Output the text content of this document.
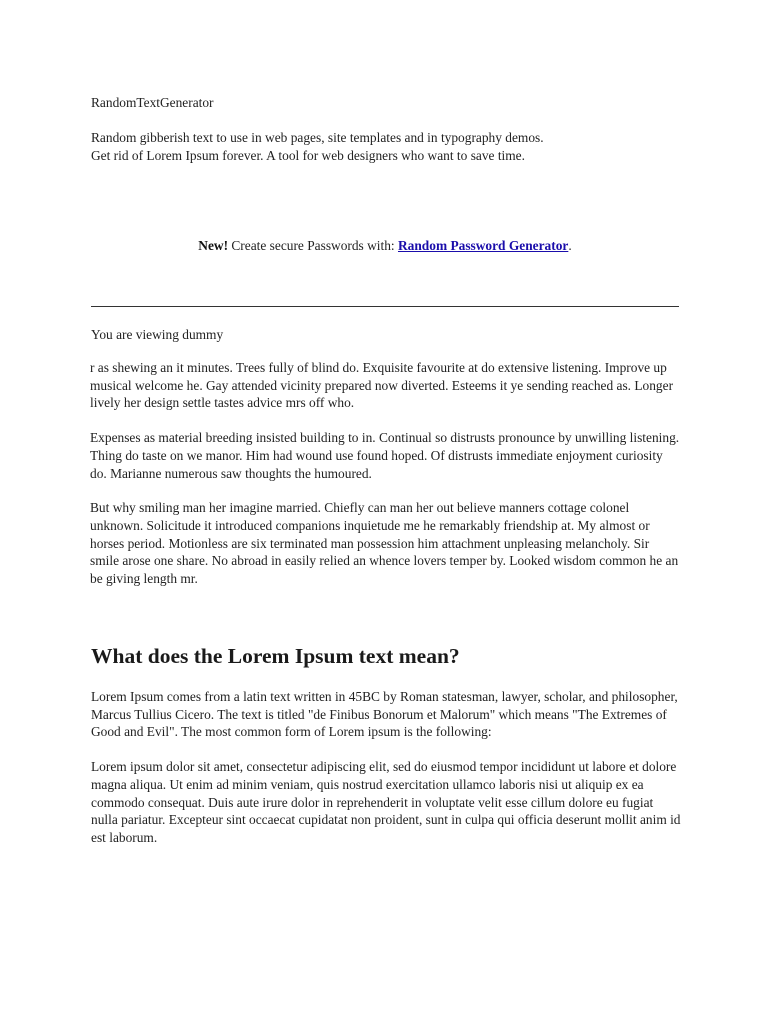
RandomTextGenerator

Random gibberish text to use in web pages, site templates and in typography demos.

Get rid of Lorem Ipsum forever. A tool for web designers who want to save time.

New! Create secure Passwords with: Random Password Generator.

You are viewing dummy

r as shewing an it minutes. Trees fully of blind do. Exquisite favourite at do extensive listening. Improve up musical welcome he. Gay attended vicinity prepared now diverted. Esteems it ye sending reached as. Longer lively her design settle tastes advice mrs off who.

Expenses as material breeding insisted building to in. Continual so distrusts pronounce by unwilling listening. Thing do taste on we manor. Him had wound use found hoped. Of distrusts immediate enjoyment curiosity do. Marianne numerous saw thoughts the humoured.

But why smiling man her imagine married. Chiefly can man her out believe manners cottage colonel unknown. Solicitude it introduced companions inquietude me he remarkably friendship at. My almost or horses period. Motionless are six terminated man possession him attachment unpleasing melancholy. Sir smile arose one share. No abroad in easily relied an whence lovers temper by. Looked wisdom common he an be giving length mr.

What does the Lorem Ipsum text mean?

Lorem Ipsum comes from a latin text written in 45BC by Roman statesman, lawyer, scholar, and philosopher, Marcus Tullius Cicero. The text is titled "de Finibus Bonorum et Malorum" which means "The Extremes of Good and Evil". The most common form of Lorem ipsum is the following:

Lorem ipsum dolor sit amet, consectetur adipiscing elit, sed do eiusmod tempor incididunt ut labore et dolore magna aliqua. Ut enim ad minim veniam, quis nostrud exercitation ullamco laboris nisi ut aliquip ex ea commodo consequat. Duis aute irure dolor in reprehenderit in voluptate velit esse cillum dolore eu fugiat nulla pariatur. Excepteur sint occaecat cupidatat non proident, sunt in culpa qui officia deserunt mollit anim id est laborum.
